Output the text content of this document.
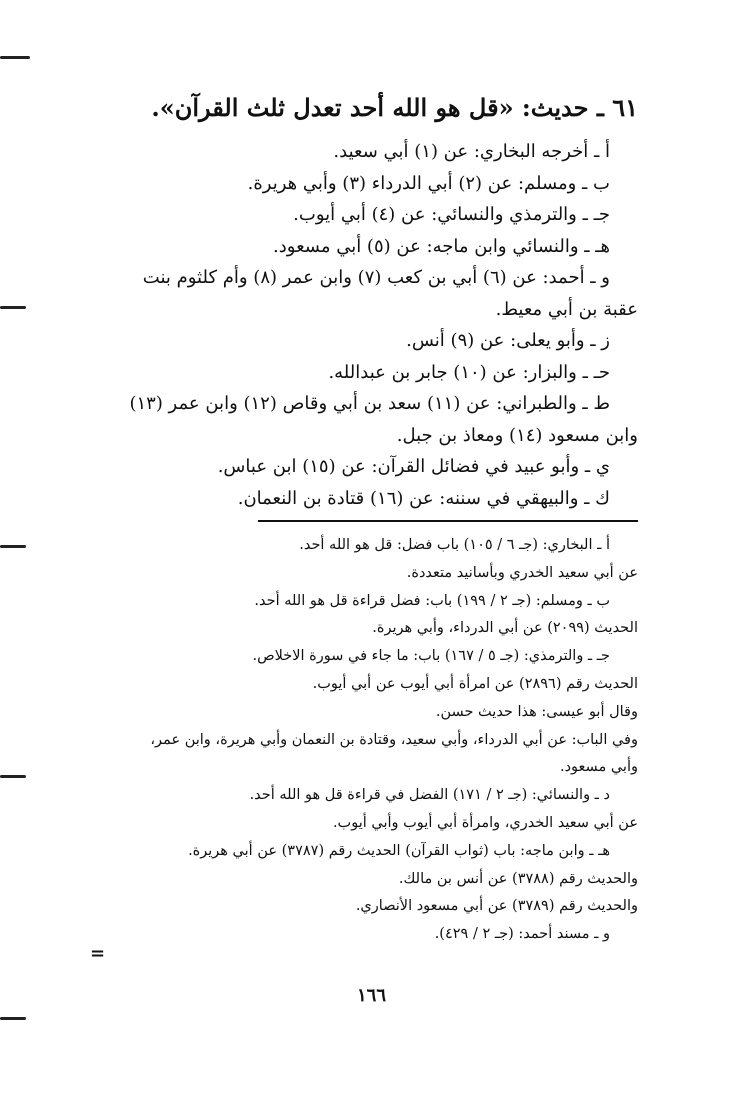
٦١ ـ حديث: «قل هو الله أحد تعدل ثلث القرآن».
أ ـ أخرجه البخاري: عن (١) أبي سعيد.
ب ـ ومسلم: عن (٢) أبي الدرداء (٣) وأبي هريرة.
جـ ـ والترمذي والنسائي: عن (٤) أبي أيوب.
هـ ـ والنسائي وابن ماجه: عن (٥) أبي مسعود.
و ـ أحمد: عن (٦) أبي بن كعب (٧) وابن عمر (٨) وأم كلثوم بنت
عقبة بن أبي معيط.
ز ـ وأبو يعلى: عن (٩) أنس.
حـ ـ والبزار: عن (١٠) جابر بن عبدالله.
ط ـ والطبراني: عن (١١) سعد بن أبي وقاص (١٢) وابن عمر (١٣)
وابن مسعود (١٤) ومعاذ بن جبل.
ي ـ وأبو عبيد في فضائل القرآن: عن (١٥) ابن عباس.
ك ـ والبيهقي في سننه: عن (١٦) قتادة بن النعمان.
أ ـ البخاري: (جـ ٦ / ١٠٥) باب فضل: قل هو الله أحد.
عن أبي سعيد الخدري وبأسانيد متعددة.
ب ـ ومسلم: (جـ ٢ / ١٩٩) باب: فضل قراءة قل هو الله أحد.
الحديث (٢٠٩٩) عن أبي الدرداء، وأبي هريرة.
جـ ـ والترمذي: (جـ ٥ / ١٦٧) باب: ما جاء في سورة الاخلاص.
الحديث رقم (٢٨٩٦) عن امرأة أبي أيوب عن أبي أيوب.
وقال أبو عيسى: هذا حديث حسن.
وفي الباب: عن أبي الدرداء، وأبي سعيد، وقتادة بن النعمان وأبي هريرة، وابن عمر،
وأبي مسعود.
د ـ والنسائي: (جـ ٢ / ١٧١) الفضل في قراءة قل هو الله أحد.
عن أبي سعيد الخدري، وامرأة أبي أيوب وأبي أيوب.
هـ ـ وابن ماجه: باب (ثواب القرآن) الحديث رقم (٣٧٨٧) عن أبي هريرة.
والحديث رقم (٣٧٨٨) عن أنس بن مالك.
والحديث رقم (٣٧٨٩) عن أبي مسعود الأنصاري.
و ـ مسند أحمد: (جـ ٢ / ٤٢٩).
=
١٦٦
